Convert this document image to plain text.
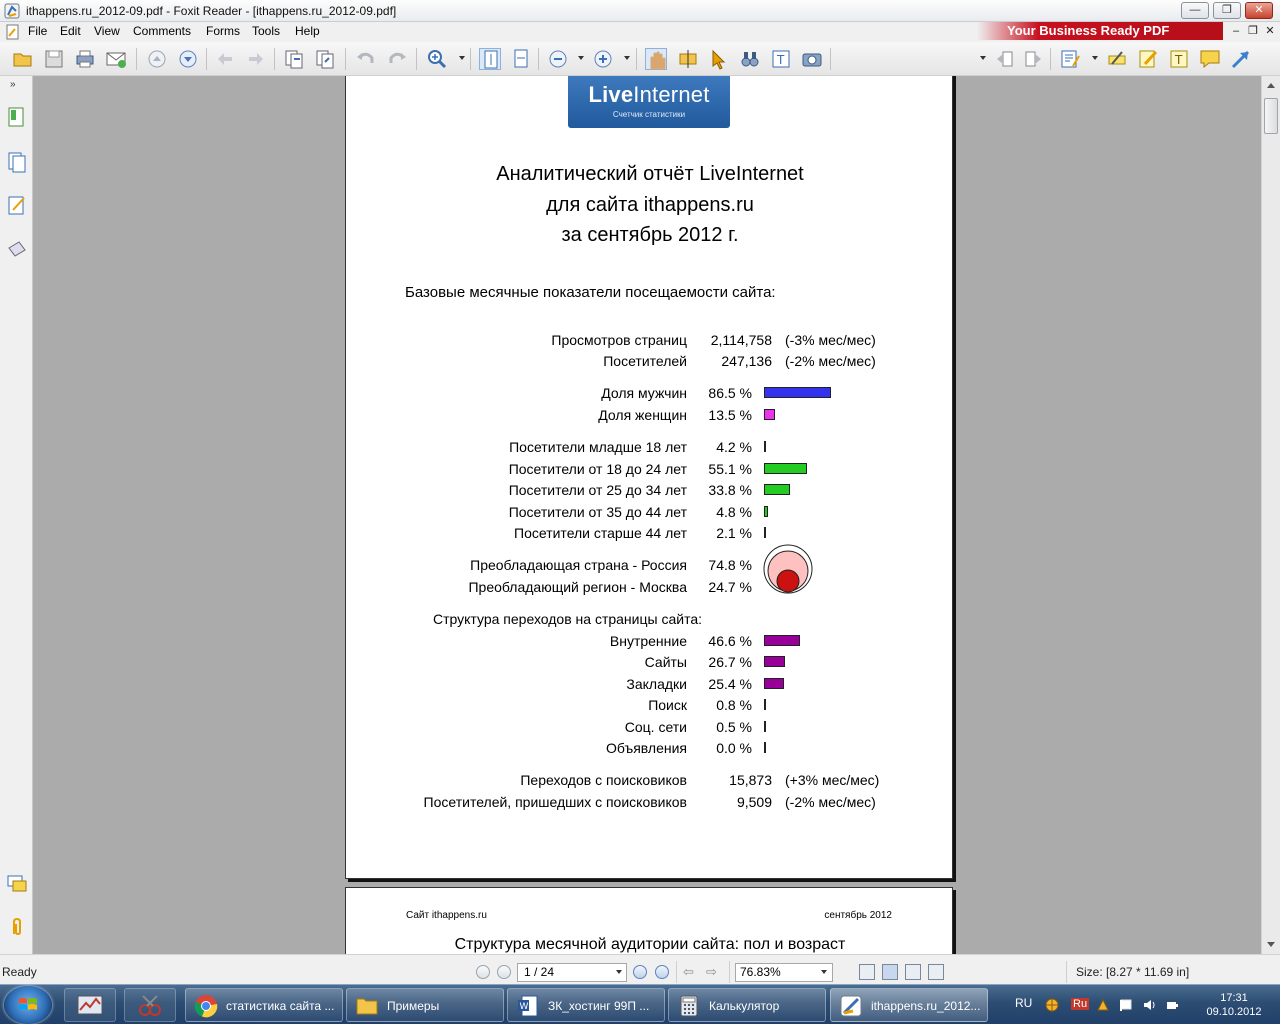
ithappens.ru_2012-09.pdf - Foxit Reader - [ithappens.ru_2012-09.pdf]	—	❐	✕
File Edit View Comments Forms Tools Help	Your Business Ready PDF	– ❐ ✕
T	T
»	LiveInternet
Счетчик статистики
Аналитический отчёт LiveInternet
для сайта ithappens.ru
за сентябрь 2012 г.
Базовые месячные показатели посещаемости сайта:
Просмотров страниц 2,114,758 (-3% мес/мес)
Посетителей 247,136 (-2% мес/мес)
Доля мужчин 86.5 %
Доля женщин 13.5 %
Посетители младше 18 лет 4.2 %
Посетители от 18 до 24 лет 55.1 %
Посетители от 25 до 34 лет 33.8 %
Посетители от 35 до 44 лет 4.8 %
Посетители старше 44 лет 2.1 %
Преобладающая страна - Россия 74.8 %
Преобладающий регион - Москва 24.7 %
Структура переходов на страницы сайта:
Внутренние 46.6 %
Сайты 26.7 %
Закладки 25.4 %
Поиск 0.8 %
Соц. сети 0.5 %
Объявления 0.0 %
Переходов с поисковиков	15,873 (+3% мес/мес)
Посетителей, пришедших с поисковиков	9,509 (-2% мес/мес)
Сайт ithappens.ru	сентябрь 2012
Структура месячной аудитории сайта: пол и возраст
Ready	1 / 24	⇦ ⇨	76.83%	Size: [8.27 * 11.69 in]
статистика сайта ...	Примеры	W ЗК_хостинг 99П ...	Калькулятор	ithappens.ru_2012...	RU	Ru	17:31
09.10.2012
